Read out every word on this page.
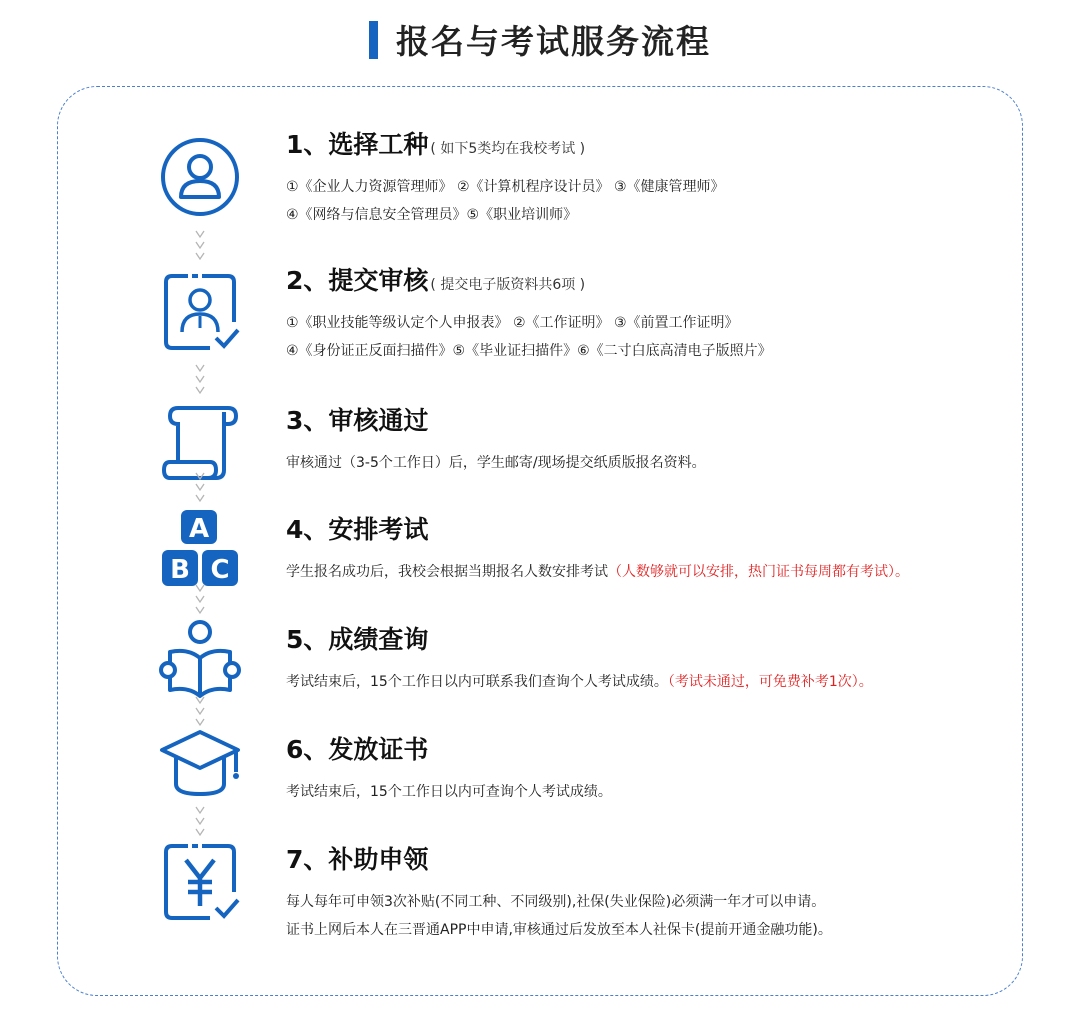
报名与考试服务流程
1、选择工种 ( 如下5类均在我校考试 )
①《企业人力资源管理师》 ②《计算机程序设计员》 ③《健康管理师》
④《网络与信息安全管理员》⑤《职业培训师》
2、提交审核 ( 提交电子版资料共6项 )
①《职业技能等级认定个人申报表》 ②《工作证明》 ③《前置工作证明》
④《身份证正反面扫描件》⑤《毕业证扫描件》⑥《二寸白底高清电子版照片》
3、审核通过
审核通过（3-5个工作日）后，学生邮寄/现场提交纸质版报名资料。
A
B C
4、安排考试
学生报名成功后，我校会根据当期报名人数安排考试（人数够就可以安排，热门证书每周都有考试）。
5、成绩查询
考试结束后，15个工作日以内可联系我们查询个人考试成绩。（考试未通过，可免费补考1次）。
6、发放证书
考试结束后，15个工作日以内可查询个人考试成绩。
7、补助申领
每人每年可申领3次补贴(不同工种、不同级别),社保(失业保险)必须满一年才可以申请。
证书上网后本人在三晋通APP中申请,审核通过后发放至本人社保卡(提前开通金融功能)。
